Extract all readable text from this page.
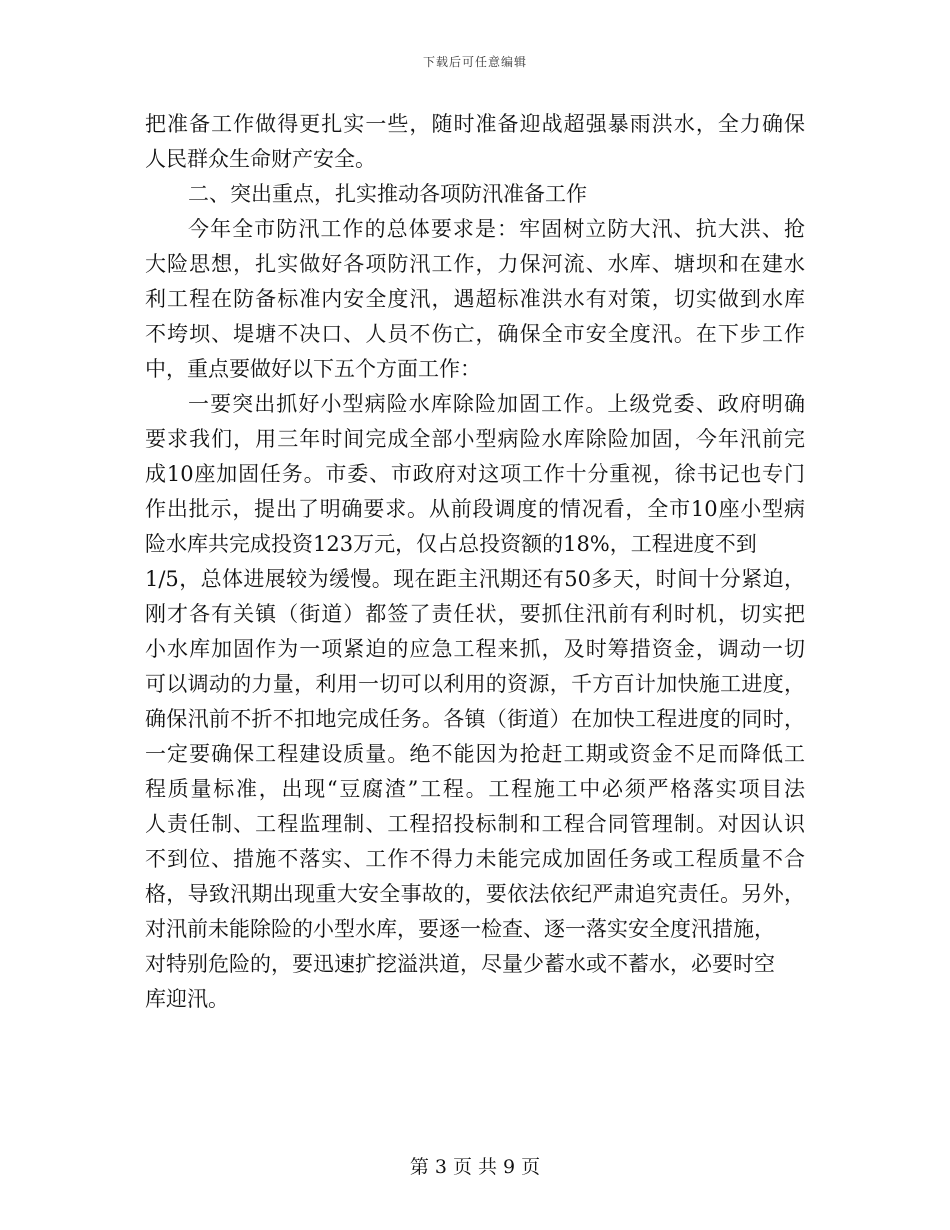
下载后可任意编辑
把准备工作做得更扎实一些，随时准备迎战超强暴雨洪水，全力确保
人民群众生命财产安全。
二、突出重点，扎实推动各项防汛准备工作
今年全市防汛工作的总体要求是：牢固树立防大汛、抗大洪、抢
大险思想，扎实做好各项防汛工作，力保河流、水库、塘坝和在建水
利工程在防备标准内安全度汛，遇超标准洪水有对策，切实做到水库
不垮坝、堤塘不决口、人员不伤亡，确保全市安全度汛。在下步工作
中，重点要做好以下五个方面工作：
一要突出抓好小型病险水库除险加固工作。上级党委、政府明确
要求我们，用三年时间完成全部小型病险水库除险加固，今年汛前完
成10座加固任务。市委、市政府对这项工作十分重视，徐书记也专门
作出批示，提出了明确要求。从前段调度的情况看，全市10座小型病
险水库共完成投资123万元，仅占总投资额的18%，工程进度不到
1/5，总体进展较为缓慢。现在距主汛期还有50多天，时间十分紧迫，
刚才各有关镇（街道）都签了责任状，要抓住汛前有利时机，切实把
小水库加固作为一项紧迫的应急工程来抓，及时筹措资金，调动一切
可以调动的力量，利用一切可以利用的资源，千方百计加快施工进度，
确保汛前不折不扣地完成任务。各镇（街道）在加快工程进度的同时，
一定要确保工程建设质量。绝不能因为抢赶工期或资金不足而降低工
程质量标准，出现“豆腐渣”工程。工程施工中必须严格落实项目法
人责任制、工程监理制、工程招投标制和工程合同管理制。对因认识
不到位、措施不落实、工作不得力未能完成加固任务或工程质量不合
格，导致汛期出现重大安全事故的，要依法依纪严肃追究责任。另外，
对汛前未能除险的小型水库，要逐一检查、逐一落实安全度汛措施，
对特别危险的，要迅速扩挖溢洪道，尽量少蓄水或不蓄水，必要时空
库迎汛。
第 3 页 共 9 页
